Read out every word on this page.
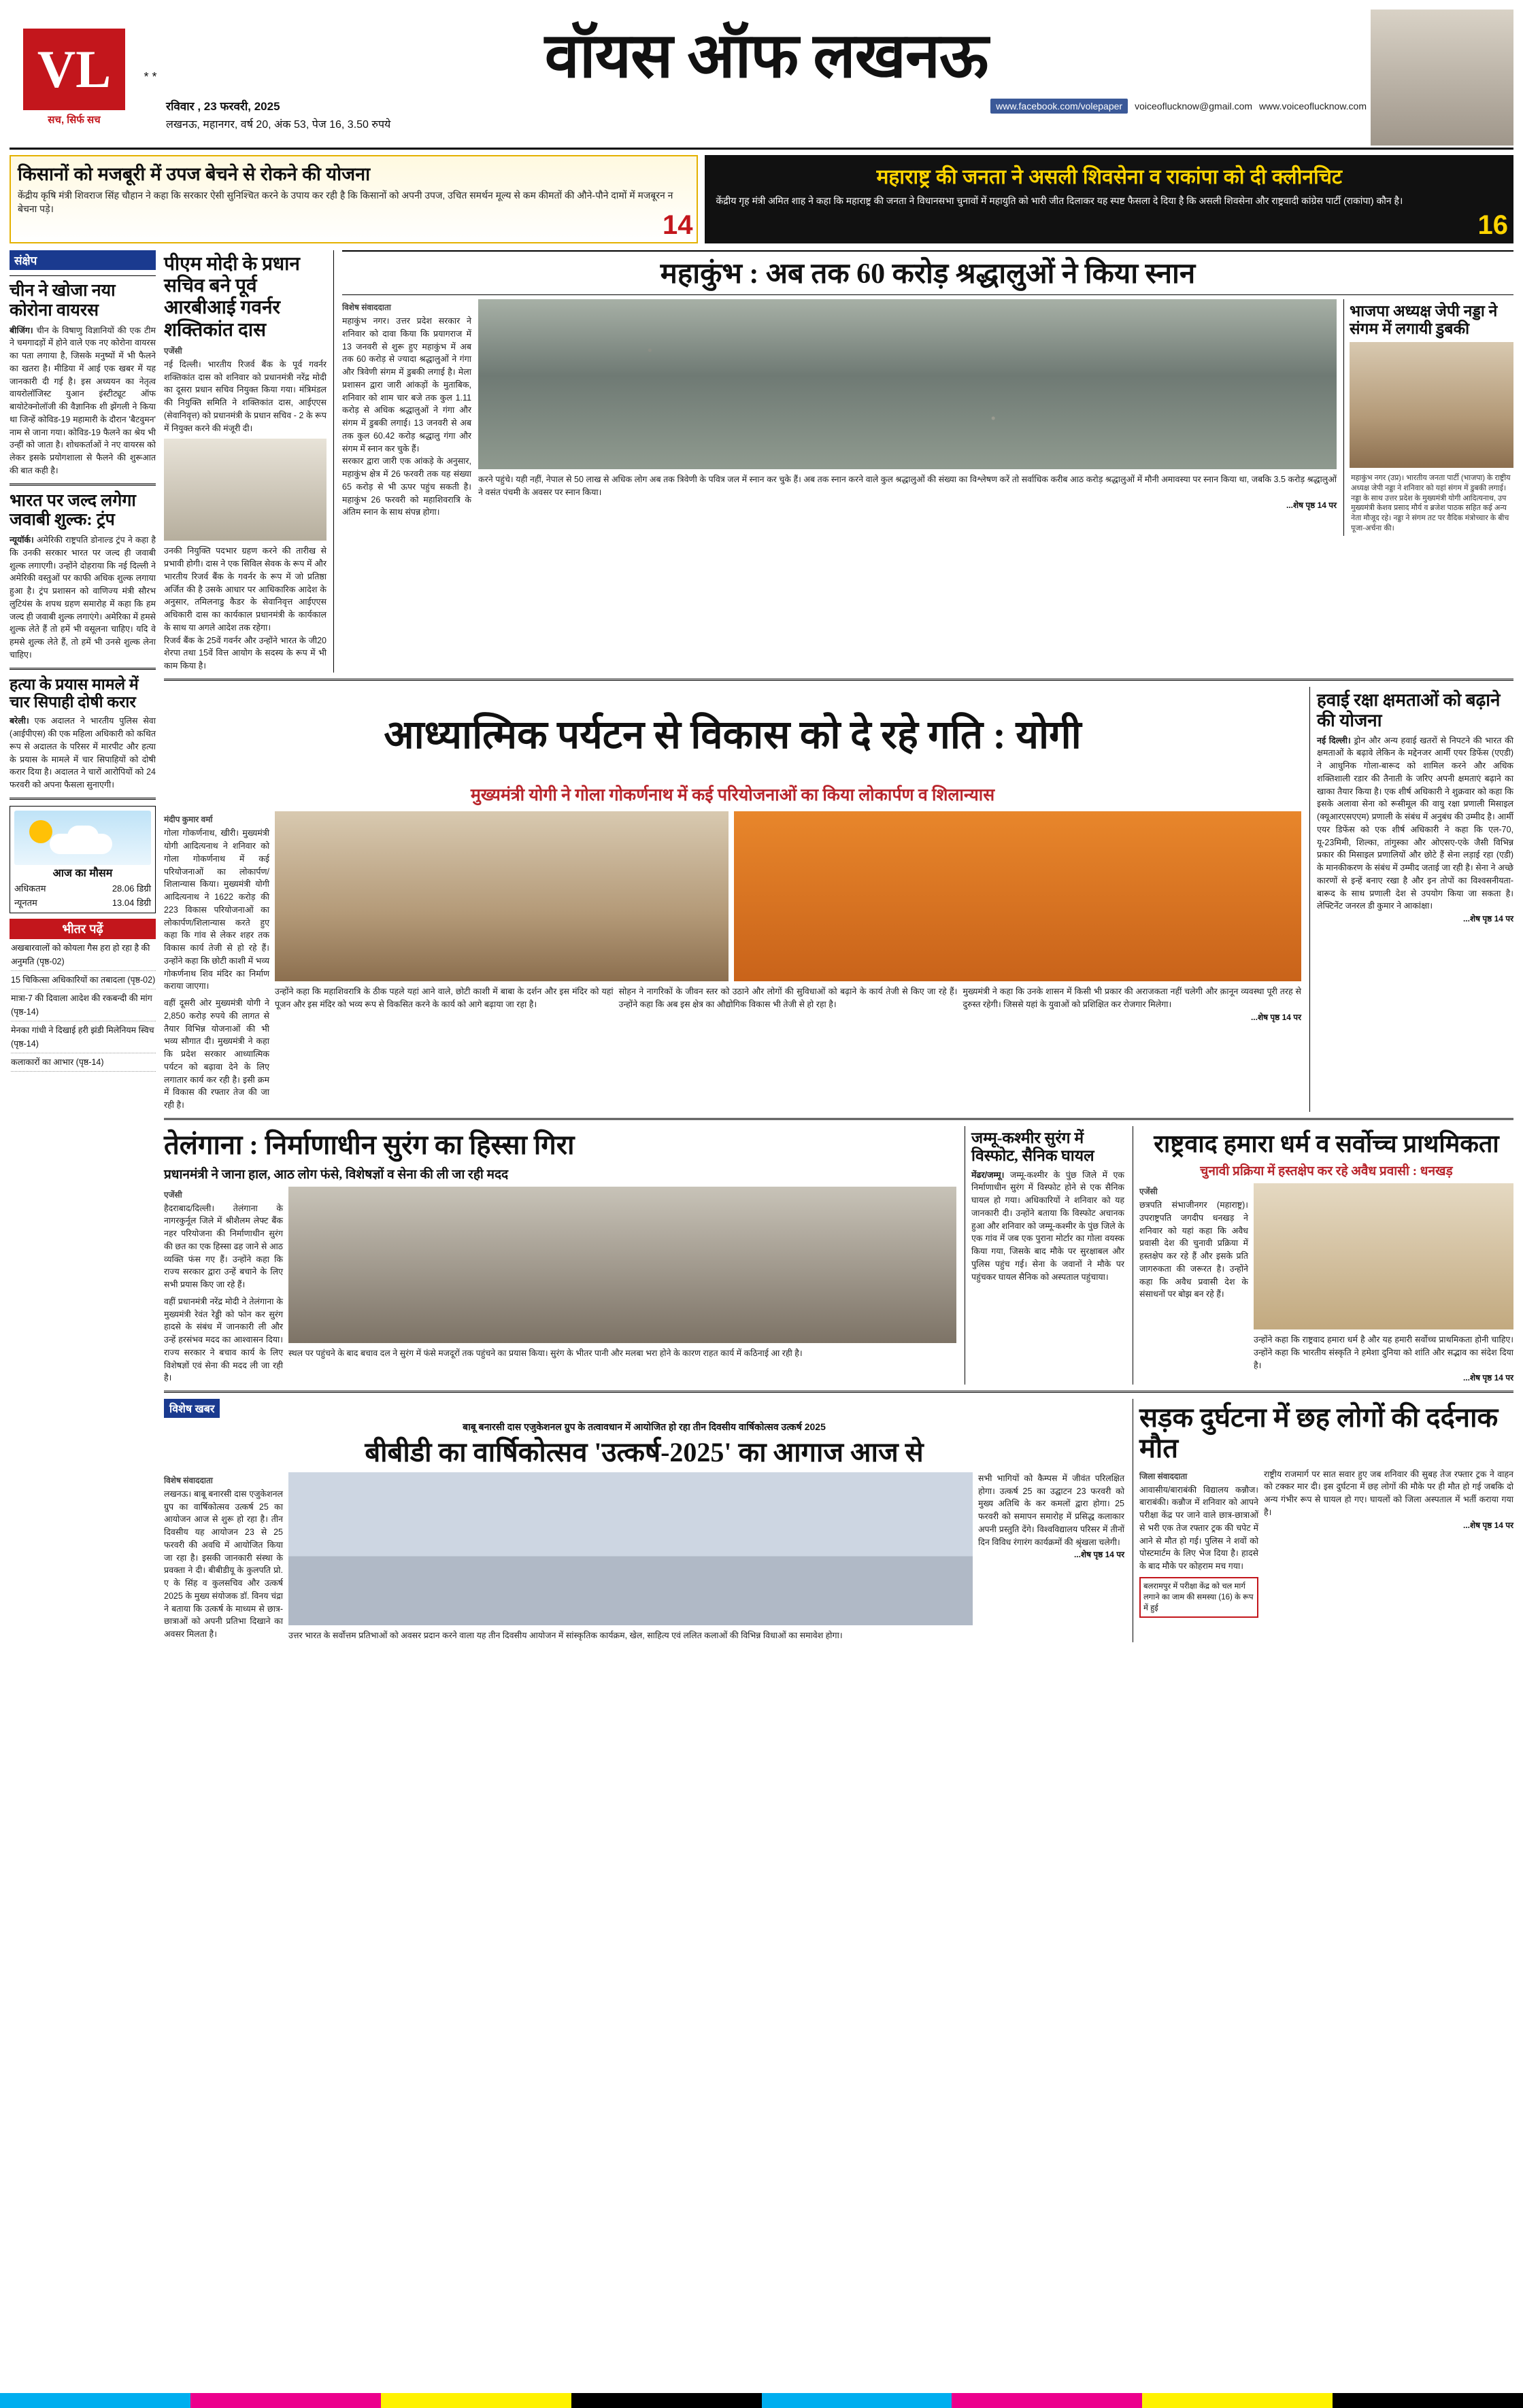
VL
सच, सिर्फ सच
* *	वॉयस ऑफ लखनऊ
रविवार , 23 फरवरी, 2025	www.facebook.com/volepaper	voiceoflucknow@gmail.com www.voiceoflucknow.com
लखनऊ, महानगर, वर्ष 20, अंक 53, पेज 16, 3.50 रुपये
किसानों को मजबूरी में उपज बेचने से रोकने की योजना

केंद्रीय कृषि मंत्री शिवराज सिंह चौहान ने कहा कि सरकार ऐसी सुनिश्चित करने के उपाय कर रही है कि किसानों को अपनी उपज, उचित समर्थन मूल्य से कम कीमतों की औने-पौने दामों में मजबूरन न बेचना पड़े।

14
महाराष्ट्र की जनता ने असली शिवसेना व राकांपा को दी क्लीनचिट

केंद्रीय गृह मंत्री अमित शाह ने कहा कि महाराष्ट्र की जनता ने विधानसभा चुनावों में महायुति को भारी जीत दिलाकर यह स्पष्ट फैसला दे दिया है कि असली शिवसेना और राष्ट्रवादी कांग्रेस पार्टी (राकांपा) कौन है।

16
संक्षेप
चीन ने खोजा नया कोरोना वायरस
बीजिंग। चीन के विषाणु विज्ञानियों की एक टीम ने चमगादड़ों में होने वाले एक नए कोरोना वायरस का पता लगाया है, जिसके मनुष्यों में भी फैलने का खतरा है। मीडिया में आई एक खबर में यह जानकारी दी गई है। इस अध्ययन का नेतृत्व वायरोलॉजिस्ट युआन इंस्टीट्यूट ऑफ बायोटेक्नोलॉजी की वैज्ञानिक शी झेंगली ने किया था जिन्हें कोविड-19 महामारी के दौरान 'बैटवुमन' नाम से जाना गया। कोविड-19 फैलने का श्रेय भी उन्हीं को जाता है। शोधकर्ताओं ने नए वायरस को लेकर इसके प्रयोगशाला से फैलने की शुरूआत की बात कही है।
भारत पर जल्द लगेगा जवाबी शुल्क: ट्रंप
न्यूयॉर्क। अमेरिकी राष्ट्रपति डोनाल्ड ट्रंप ने कहा है कि उनकी सरकार भारत पर जल्द ही जवाबी शुल्क लगाएगी। उन्होंने दोहराया कि नई दिल्ली ने अमेरिकी वस्तुओं पर काफी अधिक शुल्क लगाया हुआ है। ट्रंप प्रशासन को वाणिज्य मंत्री सौरभ लुटियंस के शपथ ग्रहण समारोह में कहा कि हम जल्द ही जवाबी शुल्क लगाएंगे। अमेरिका में हमसे शुल्क लेते हैं तो हमें भी वसूलना चाहिए। यदि वे हमसे शुल्क लेते हैं, तो हमें भी उनसे शुल्क लेना चाहिए।
हत्या के प्रयास मामले में चार सिपाही दोषी करार
बरेली। एक अदालत ने भारतीय पुलिस सेवा (आईपीएस) की एक महिला अधिकारी को कथित रूप से अदालत के परिसर में मारपीट और हत्या के प्रयास के मामले में चार सिपाहियों को दोषी करार दिया है। अदालत ने चारों आरोपियों को 24 फरवरी को अपना फैसला सुनाएगी।
आज का मौसम
अधिकतम	28.06 डिग्री
न्यूनतम	13.04 डिग्री
भीतर पढ़ें
अखबारवालों को कोयला गैस हरा हो रहा है की अनुमति (पृष्ठ-02)
15 चिकित्सा अधिकारियों का तबादला (पृष्ठ-02)
मात्रा-7 की दिवाला आदेश की रकबन्दी की मांग (पृष्ठ-14)
मेनका गांधी ने दिखाई हरी झंडी मिलेनियम स्विच (पृष्ठ-14)
कलाकारों का आभार (पृष्ठ-14)
पीएम मोदी के प्रधान सचिव बने पूर्व आरबीआई गवर्नर शक्तिकांत दास
एजेंसी
नई दिल्ली। भारतीय रिजर्व बैंक के पूर्व गवर्नर शक्तिकांत दास को शनिवार को प्रधानमंत्री नरेंद्र मोदी का दूसरा प्रधान सचिव नियुक्त किया गया। मंत्रिमंडल की नियुक्ति समिति ने शक्तिकांत दास, आईएएस (सेवानिवृत्त) को प्रधानमंत्री के प्रधान सचिव - 2 के रूप में नियुक्त करने की मंजूरी दी।
उनकी नियुक्ति पदभार ग्रहण करने की तारीख से प्रभावी होगी। दास ने एक सिविल सेवक के रूप में और भारतीय रिजर्व बैंक के गवर्नर के रूप में जो प्रतिष्ठा अर्जित की है उसके आधार पर आधिकारिक आदेश के अनुसार, तमिलनाडु कैडर के सेवानिवृत्त आईएएस अधिकारी दास का कार्यकाल प्रधानमंत्री के कार्यकाल के साथ या अगले आदेश तक रहेगा।
रिजर्व बैंक के 25वें गवर्नर और उन्होंने भारत के जी20 शेरपा तथा 15वें वित्त आयोग के सदस्य के रूप में भी काम किया है।
महाकुंभ : अब तक 60 करोड़ श्रद्धालुओं ने किया स्नान
विशेष संवाददाता
महाकुंभ नगर। उत्तर प्रदेश सरकार ने शनिवार को दावा किया कि प्रयागराज में 13 जनवरी से शुरू हुए महाकुंभ में अब तक 60 करोड़ से ज्यादा श्रद्धालुओं ने गंगा और त्रिवेणी संगम में डुबकी लगाई है। मेला प्रशासन द्वारा जारी आंकड़ों के मुताबिक, शनिवार को शाम चार बजे तक कुल 1.11 करोड़ से अधिक श्रद्धालुओं ने गंगा और संगम में डुबकी लगाई। 13 जनवरी से अब तक कुल 60.42 करोड़ श्रद्धालु गंगा और संगम में स्नान कर चुके हैं।
सरकार द्वारा जारी एक आंकड़े के अनुसार, महाकुंभ क्षेत्र में 26 फरवरी तक यह संख्या 65 करोड़ से भी ऊपर पहुंच सकती है। महाकुंभ 26 फरवरी को महाशिवरात्रि के अंतिम स्नान के साथ संपन्न होगा।
करने पहुंचे। यही नहीं, नेपाल से 50 लाख से अधिक लोग अब तक त्रिवेणी के पवित्र जल में स्नान कर चुके हैं। अब तक स्नान करने वाले कुल श्रद्धालुओं की संख्या का विश्लेषण करें तो सर्वाधिक करीब आठ करोड़ श्रद्धालुओं में मौनी अमावस्या पर स्नान किया था, जबकि 3.5 करोड़ श्रद्धालुओं ने वसंत पंचमी के अवसर पर स्नान किया।
...शेष पृष्ठ 14 पर
भाजपा अध्यक्ष जेपी नड्डा ने संगम में लगायी डुबकी
महाकुंभ नगर (उप्र)। भारतीय जनता पार्टी (भाजपा) के राष्ट्रीय अध्यक्ष जेपी नड्डा ने शनिवार को यहां संगम में डुबकी लगाई। नड्डा के साथ उत्तर प्रदेश के मुख्यमंत्री योगी आदित्यनाथ, उप मुख्यमंत्री केशव प्रसाद मौर्य व ब्रजेश पाठक सहित कई अन्य नेता मौजूद रहे। नड्डा ने संगम तट पर वैदिक मंत्रोच्चार के बीच पूजा-अर्चना की।
आध्यात्मिक पर्यटन से विकास को दे रहे गति : योगी
मुख्यमंत्री योगी ने गोला गोकर्णनाथ में कई परियोजनाओं का किया लोकार्पण व शिलान्यास
मंदीप कुमार वर्मा
गोला गोकर्णनाथ, खीरी। मुख्यमंत्री योगी आदित्यनाथ ने शनिवार को गोला गोकर्णनाथ में कई परियोजनाओं का लोकार्पण/शिलान्यास किया। मुख्यमंत्री योगी आदित्यनाथ ने 1622 करोड़ की 223 विकास परियोजनाओं का लोकार्पण/शिलान्यास करते हुए कहा कि गांव से लेकर शहर तक विकास कार्य तेजी से हो रहे हैं। उन्होंने कहा कि छोटी काशी में भव्य गोकर्णनाथ शिव मंदिर का निर्माण कराया जाएगा।
वहीं दूसरी ओर मुख्यमंत्री योगी ने 2,850 करोड़ रुपये की लागत से तैयार विभिन्न योजनाओं की भी भव्य सौगात दी। मुख्यमंत्री ने कहा कि प्रदेश सरकार आध्यात्मिक पर्यटन को बढ़ावा देने के लिए लगातार कार्य कर रही है। इसी क्रम में विकास की रफ्तार तेज की जा रही है।
उन्होंने कहा कि महाशिवरात्रि के ठीक पहले यहां आने वाले, छोटी काशी में बाबा के दर्शन और इस मंदिर को यहां पूजन और इस मंदिर को भव्य रूप से विकसित करने के कार्य को आगे बढ़ाया जा रहा है।
सोहन ने नागरिकों के जीवन स्तर को उठाने और लोगों की सुविधाओं को बढ़ाने के कार्य तेजी से किए जा रहे हैं। उन्होंने कहा कि अब इस क्षेत्र का औद्योगिक विकास भी तेजी से हो रहा है।
मुख्यमंत्री ने कहा कि उनके शासन में किसी भी प्रकार की अराजकता नहीं चलेगी और क़ानून व्यवस्था पूरी तरह से दुरुस्त रहेगी। जिससे यहां के युवाओं को प्रशिक्षित कर रोजगार मिलेगा।
...शेष पृष्ठ 14 पर
हवाई रक्षा क्षमताओं को बढ़ाने की योजना
नई दिल्ली। ड्रोन और अन्य हवाई खतरों से निपटने की भारत की क्षमताओं के बढ़ावे लेकिन के मद्देनजर आर्मी एयर डिफेंस (एएडी) ने आधुनिक गोला-बारूद को शामिल करने और अधिक शक्तिशाली रडार की तैनाती के जरिए अपनी क्षमताएं बढ़ाने का खाका तैयार किया है। एक शीर्ष अधिकारी ने शुक्रवार को कहा कि इसके अलावा सेना को रूसीमूल की वायु रक्षा प्रणाली मिसाइल (क्यूआरएसएएम) प्रणाली के संबंध में अनुबंध की उम्मीद है। आर्मी एयर डिफेंस को एक शीर्ष अधिकारी ने कहा कि एल-70, यू-23मिमी, शिल्का, तांगुस्का और ओएसए-एके जैसी विभिन्न प्रकार की मिसाइल प्रणालियों और छोटे हैं सेना लड़ाई रहा (एडी) के मानकीकरण के संबंध में उम्मीद जताई जा रही है। सेना ने अच्छे कारणों से इन्हें बनाए रखा है और इन तोपों का विश्वसनीयता-बारूद के साथ प्रणाली देश से उपयोग किया जा सकता है। लेफ्टिनेंट जनरल डी कुमार ने आकांक्षा।
...शेष पृष्ठ 14 पर
तेलंगाना : निर्माणाधीन सुरंग का हिस्सा गिरा
प्रधानमंत्री ने जाना हाल, आठ लोग फंसे, विशेषज्ञों व सेना की ली जा रही मदद
एजेंसी
हैदराबाद/दिल्ली। तेलंगाना के नागरकुर्नूल जिले में श्रीशैलम लेफ्ट बैंक नहर परियोजना की निर्माणाधीन सुरंग की छत का एक हिस्सा ढह जाने से आठ व्यक्ति फंस गए हैं। उन्होंने कहा कि राज्य सरकार द्वारा उन्हें बचाने के लिए सभी प्रयास किए जा रहे हैं।
वहीं प्रधानमंत्री नरेंद्र मोदी ने तेलंगाना के मुख्यमंत्री रेवंत रेड्डी को फोन कर सुरंग हादसे के संबंध में जानकारी ली और उन्हें हरसंभव मदद का आश्वासन दिया। राज्य सरकार ने बचाव कार्य के लिए विशेषज्ञों एवं सेना की मदद ली जा रही है।
स्थल पर पहुंचने के बाद बचाव दल ने सुरंग में फंसे मजदूरों तक पहुंचने का प्रयास किया। सुरंग के भीतर पानी और मलबा भरा होने के कारण राहत कार्य में कठिनाई आ रही है।
जम्मू-कश्मीर सुरंग में विस्फोट, सैनिक घायल
मेंढर/जम्मू। जम्मू-कश्मीर के पुंछ जिले में एक निर्माणाधीन सुरंग में विस्फोट होने से एक सैनिक घायल हो गया। अधिकारियों ने शनिवार को यह जानकारी दी। उन्होंने बताया कि विस्फोट अचानक हुआ और शनिवार को जम्मू-कश्मीर के पुंछ जिले के एक गांव में जब एक पुराना मोर्टार का गोला वयस्क किया गया, जिसके बाद मौके पर सुरक्षाबल और पुलिस पहुंच गई। सेना के जवानों ने मौके पर पहुंचकर घायल सैनिक को अस्पताल पहुंचाया।
राष्ट्रवाद हमारा धर्म व सर्वोच्च प्राथमिकता
चुनावी प्रक्रिया में हस्तक्षेप कर रहे अवैध प्रवासी : धनखड़
एजेंसी
छत्रपति संभाजीनगर (महाराष्ट्र)। उपराष्ट्रपति जगदीप धनखड़ ने शनिवार को यहां कहा कि अवैध प्रवासी देश की चुनावी प्रक्रिया में हस्तक्षेप कर रहे हैं और इसके प्रति जागरुकता की जरूरत है। उन्होंने कहा कि अवैध प्रवासी देश के संसाधनों पर बोझ बन रहे हैं।
उन्होंने कहा कि राष्ट्रवाद हमारा धर्म है और यह हमारी सर्वोच्च प्राथमिकता होनी चाहिए। उन्होंने कहा कि भारतीय संस्कृति ने हमेशा दुनिया को शांति और सद्भाव का संदेश दिया है।
...शेष पृष्ठ 14 पर
विशेष खबर
बाबू बनारसी दास एजुकेशनल ग्रुप के तत्वावधान में आयोजित हो रहा तीन दिवसीय वार्षिकोत्सव उत्कर्ष 2025
बीबीडी का वार्षिकोत्सव 'उत्कर्ष-2025' का आगाज आज से
विशेष संवाददाता
लखनऊ। बाबू बनारसी दास एजुकेशनल ग्रुप का वार्षिकोत्सव उत्कर्ष 25 का आयोजन आज से शुरू हो रहा है। तीन दिवसीय यह आयोजन 23 से 25 फरवरी की अवधि में आयोजित किया जा रहा है। इसकी जानकारी संस्था के प्रवक्ता ने दी। बीबीडीयू के कुलपति प्रो. ए के सिंह व कुलसचिव और उत्कर्ष 2025 के मुख्य संयोजक डॉ. विनय चंद्रा ने बताया कि उत्कर्ष के माध्यम से छात्र-छात्राओं को अपनी प्रतिभा दिखाने का अवसर मिलता है।	उत्तर भारत के सर्वोत्तम प्रतिभाओं को अवसर प्रदान करने वाला यह तीन दिवसीय आयोजन में सांस्कृतिक कार्यक्रम, खेल, साहित्य एवं ललित कलाओं की विभिन्न विधाओं का समावेश होगा।
सभी भागियों को कैम्पस में जीवंत परिलक्षित होगा। उत्कर्ष 25 का उद्घाटन 23 फरवरी को मुख्य अतिथि के कर कमलों द्वारा होगा। 25 फरवरी को समापन समारोह में प्रसिद्ध कलाकार अपनी प्रस्तुति देंगे। विश्वविद्यालय परिसर में तीनों दिन विविध रंगारंग कार्यक्रमों की श्रृंखला चलेगी।
...शेष पृष्ठ 14 पर
सड़क दुर्घटना में छह लोगों की दर्दनाक मौत
जिला संवाददाता
आवासीय/बाराबंकी विद्यालय कन्नौज। बाराबंकी। कन्नौज में शनिवार को आपने परीक्षा केंद्र पर जाने वाले छात्र-छात्राओं से भरी एक तेज रफ्तार ट्रक की चपेट में आने से मौत हो गई। पुलिस ने शवों को पोस्टमार्टम के लिए भेज दिया है। हादसे के बाद मौके पर कोहराम मच गया।
बलरामपुर में परीक्षा केंद्र को चल मार्ग लगाने का जाम की समस्या (16) के रूप में हुई
राष्ट्रीय राजमार्ग पर सात सवार हुए जब शनिवार की सुबह तेज रफ्तार ट्रक ने वाहन को टक्कर मार दी। इस दुर्घटना में छह लोगों की मौके पर ही मौत हो गई जबकि दो अन्य गंभीर रूप से घायल हो गए। घायलों को जिला अस्पताल में भर्ती कराया गया है।
...शेष पृष्ठ 14 पर
